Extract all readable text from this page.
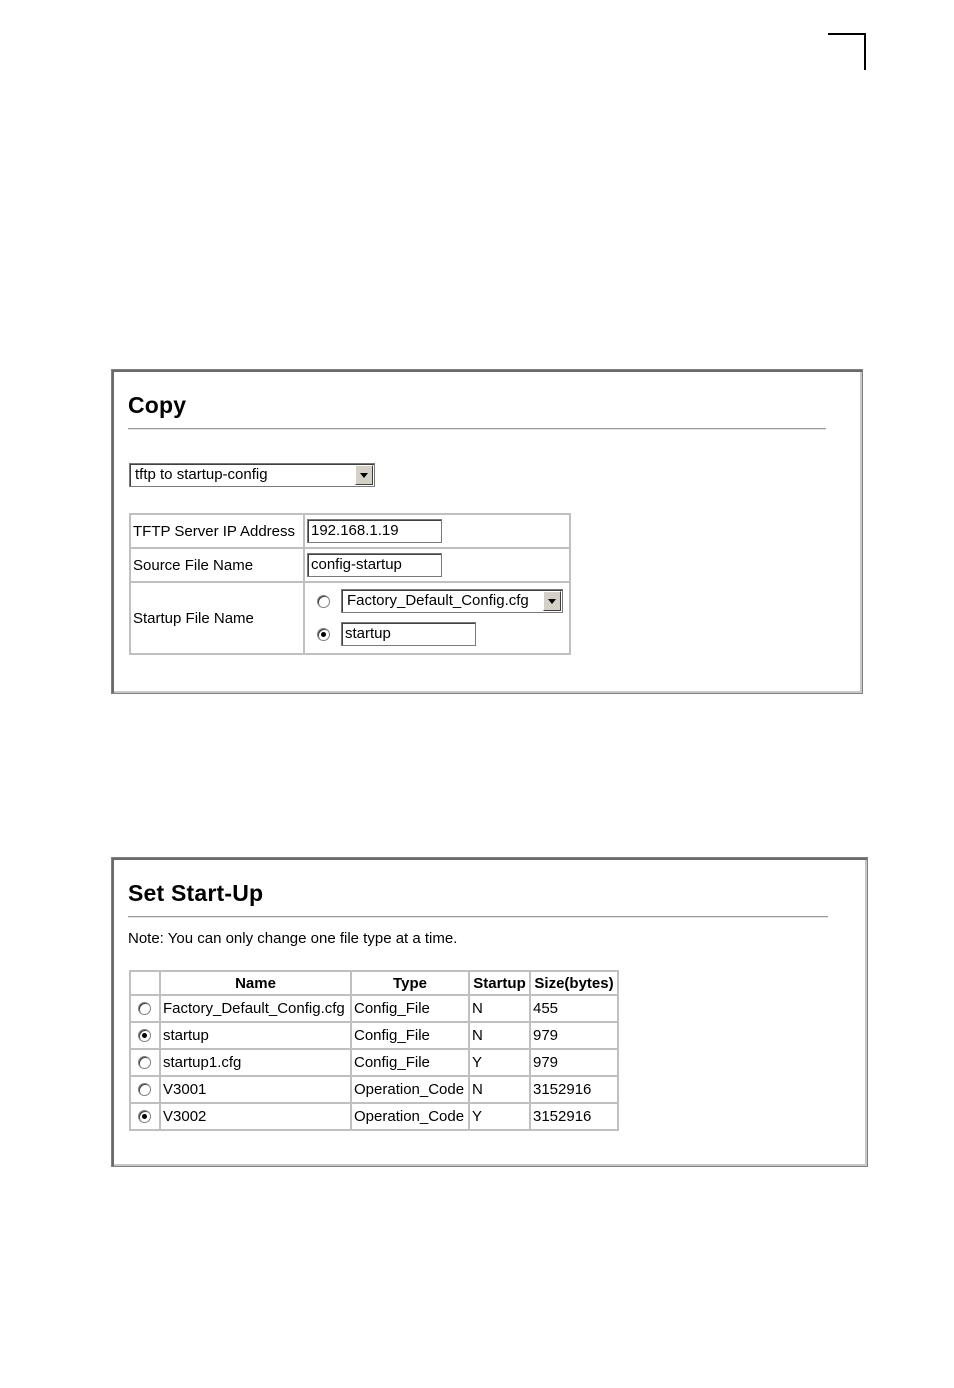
Copy
tftp to startup-config
TFTP Server IP Address	192.168.1.19

Source File Name	config-startup

Startup File Name	Factory_Default_Config.cfg
startup
Set Start-Up
Note: You can only change one file type at a time.
	Name	Type	Startup	Size(bytes)

	Factory_Default_Config.cfg	Config_File	N	455

	startup	Config_File	N	979

	startup1.cfg	Config_File	Y	979

	V3001	Operation_Code	N	3152916

	V3002	Operation_Code	Y	3152916
